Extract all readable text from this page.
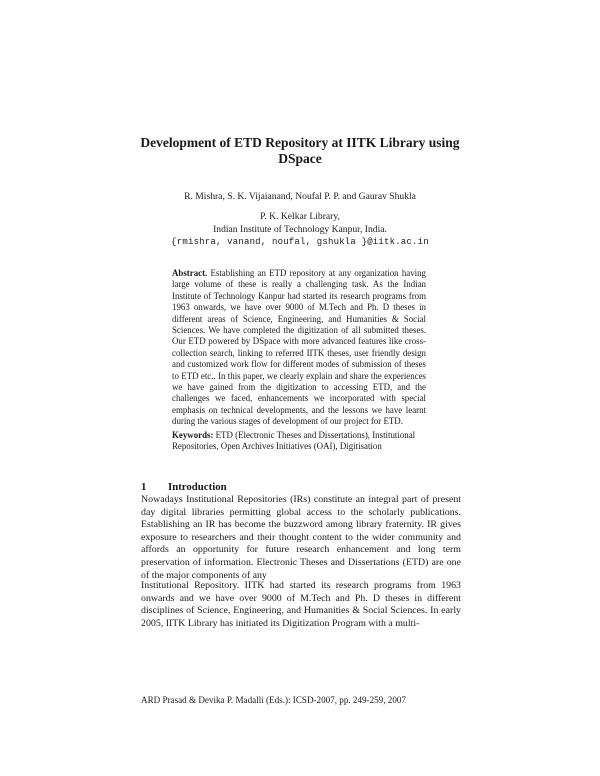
Development of ETD Repository at IITK Library using
DSpace
R. Mishra, S. K. Vijaianand, Noufal P. P. and Gaurav Shukla
P. K. Kelkar Library,
Indian Institute of Technology Kanpur, India.
{rmishra, vanand, noufal, gshukla }@iitk.ac.in
Abstract. Establishing an ETD repository at any organization having large volume of these is really a challenging task. As the Indian Institute of Technology Kanpur had started its research programs from 1963 onwards, we have over 9000 of M.Tech and Ph. D theses in different areas of Science, Engineering, and Humanities & Social Sciences. We have completed the digitization of all submitted theses. Our ETD powered by DSpace with more advanced features like cross-collection search, linking to referred IITK theses, user friendly design and customized work flow for different modes of submission of theses to ETD etc.. In this paper, we clearly explain and share the experiences we have gained from the digitization to accessing ETD, and the challenges we faced, enhancements we incorporated with special emphasis on technical developments, and the lessons we have learnt during the various stages of development of our project for ETD.
Keywords: ETD (Electronic Theses and Dissertations), Institutional Repositories, Open Archives Initiatives (OAI), Digitisation
1 Introduction
Nowadays Institutional Repositories (IRs) constitute an integral part of present day digital libraries permitting global access to the scholarly publications. Establishing an IR has become the buzzword among library fraternity. IR gives exposure to researchers and their thought content to the wider community and affords an opportunity for future research enhancement and long term preservation of information. Electronic Theses and Dissertations (ETD) are one of the major components of any
Institutional Repository. IITK had started its research programs from 1963 onwards and we have over 9000 of M.Tech and Ph. D theses in different disciplines of Science, Engineering, and Humanities & Social Sciences. In early 2005, IITK Library has initiated its Digitization Program with a multi-
ARD Prasad & Devika P. Madalli (Eds.): ICSD-2007, pp. 249-259, 2007
